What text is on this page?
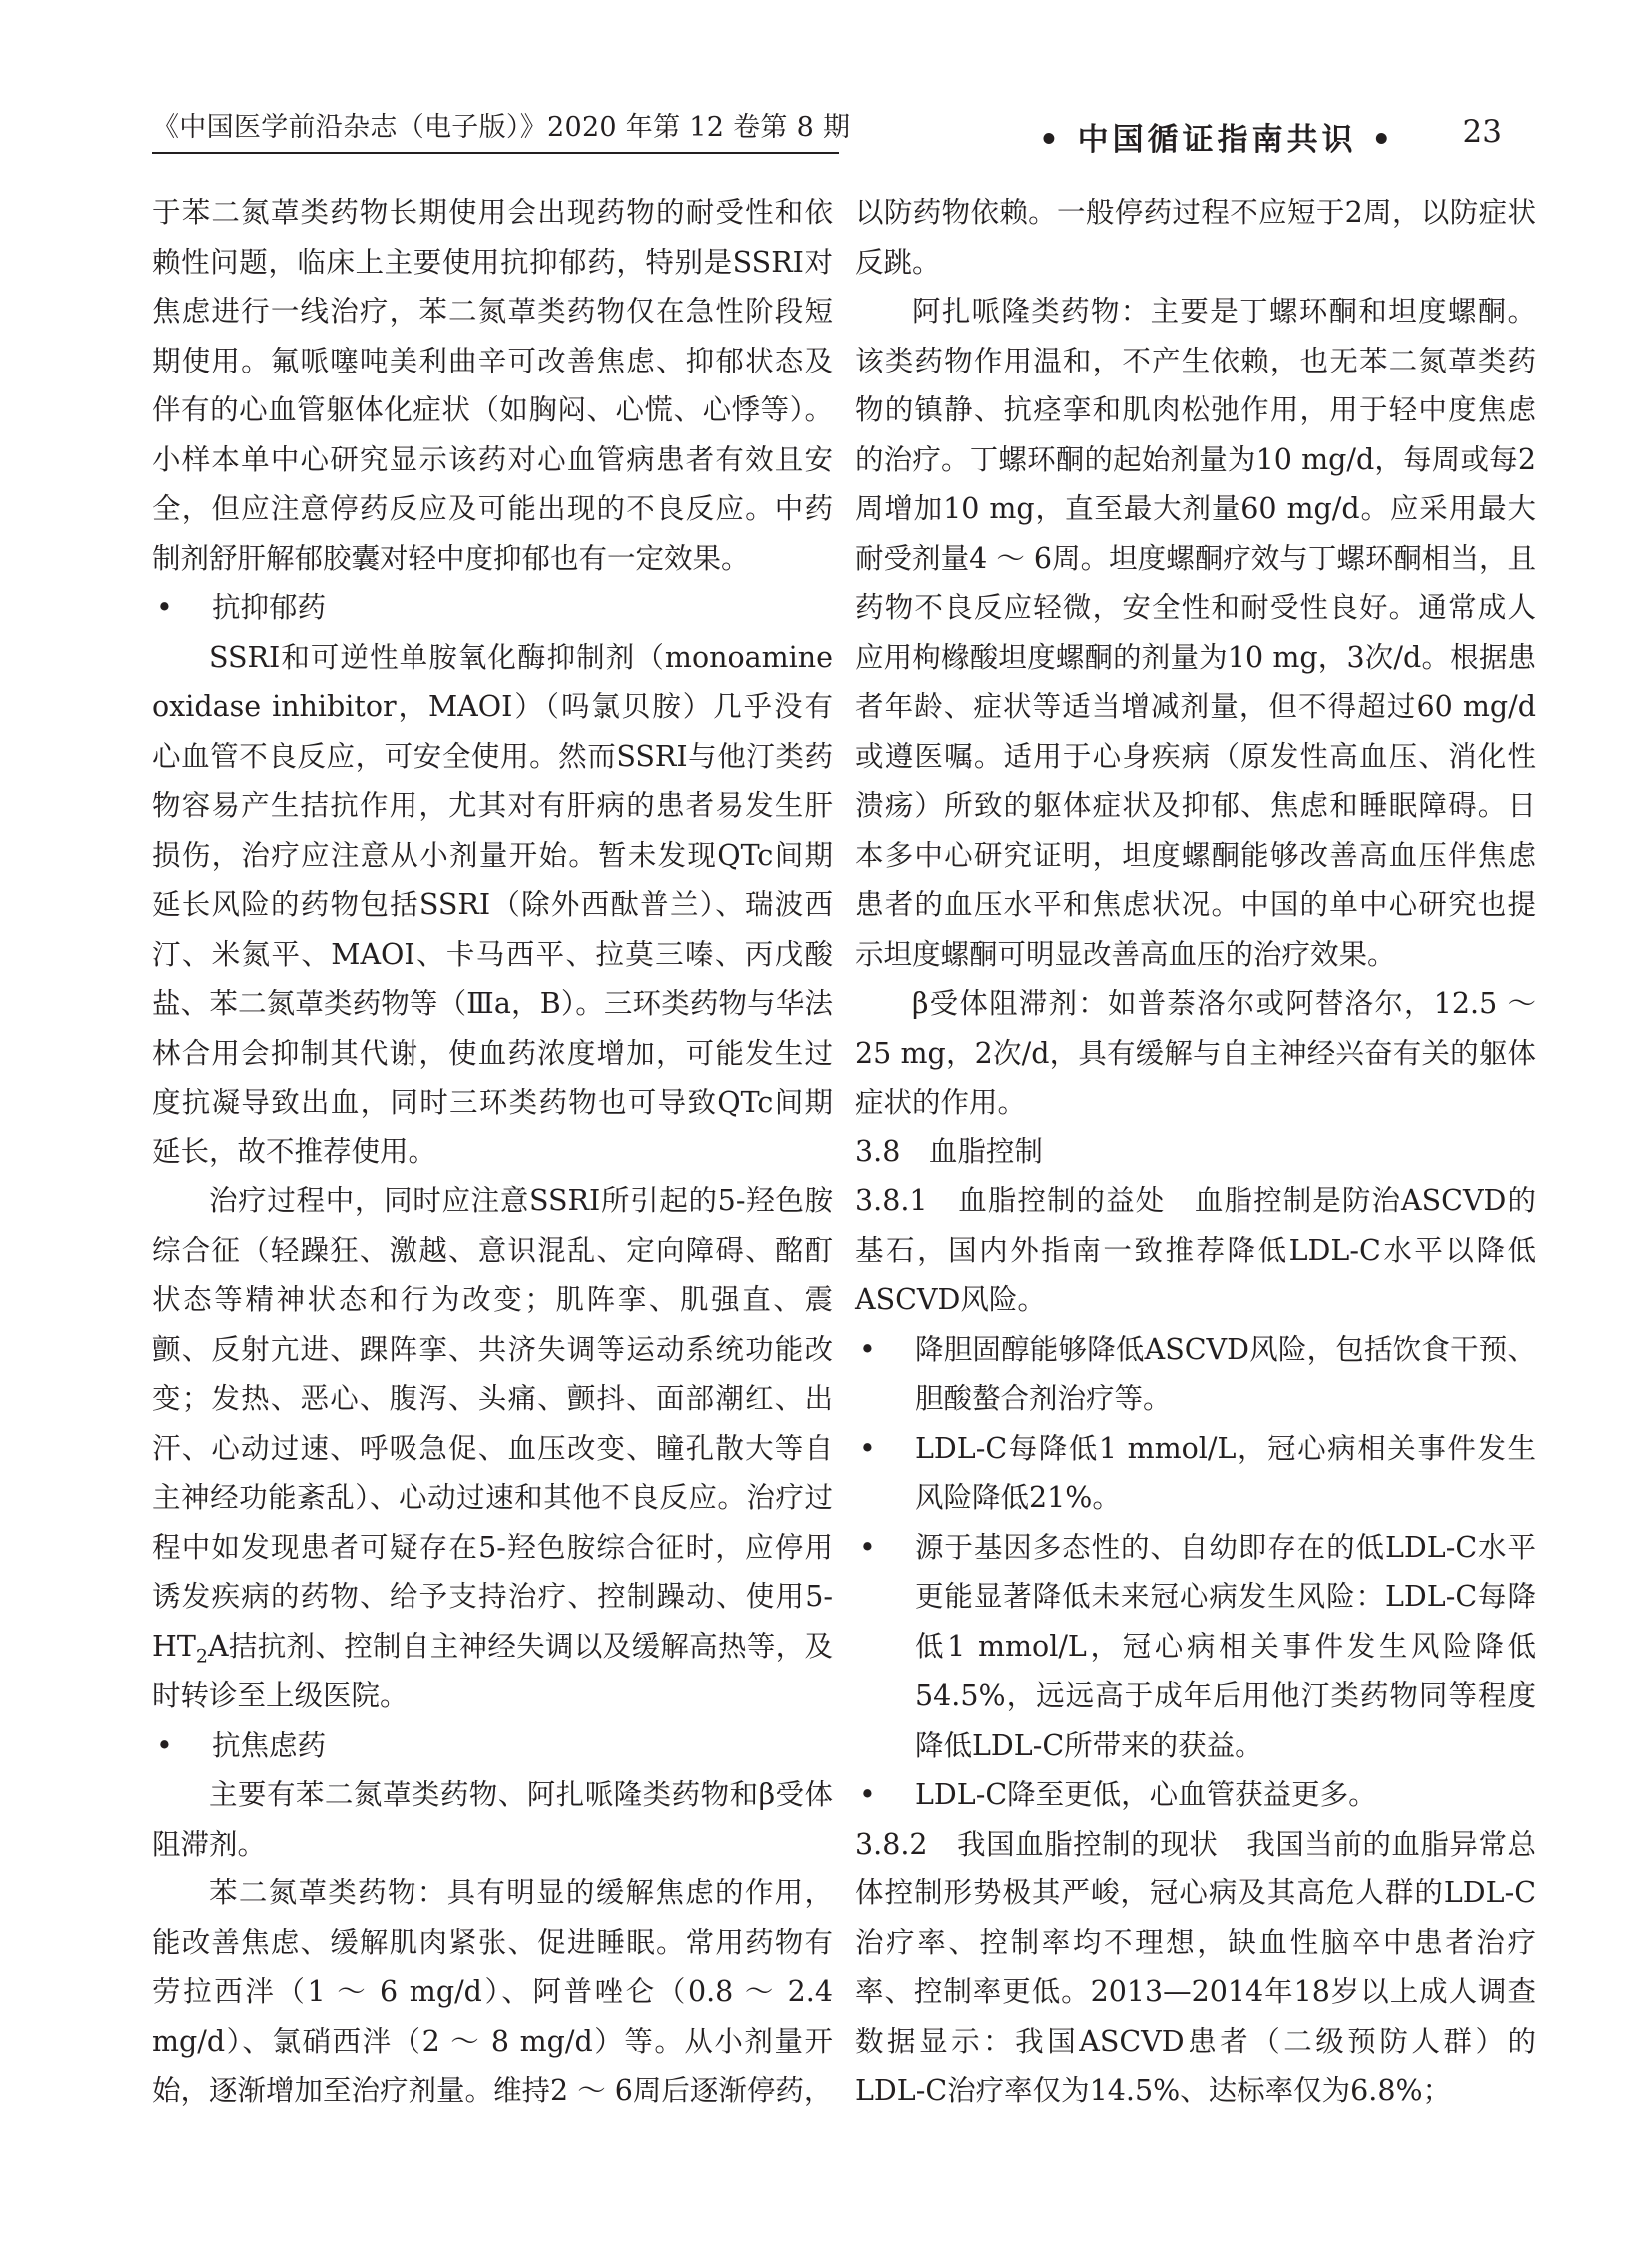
《中国医学前沿杂志（电子版）》2020 年第 12 卷第 8 期	• 中国循证指南共识 • 23

于苯二氮䓬类药物长期使用会出现药物的耐受性和依赖性问题，临床上主要使用抗抑郁药，特别是SSRI对焦虑进行一线治疗，苯二氮䓬类药物仅在急性阶段短期使用。氟哌噻吨美利曲辛可改善焦虑、抑郁状态及伴有的心血管躯体化症状（如胸闷、心慌、心悸等）。小样本单中心研究显示该药对心血管病患者有效且安全，但应注意停药反应及可能出现的不良反应。中药制剂舒肝解郁胶囊对轻中度抑郁也有一定效果。

• 抗抑郁药

SSRI和可逆性单胺氧化酶抑制剂（monoamine oxidase inhibitor，MAOI）（吗氯贝胺）几乎没有心血管不良反应，可安全使用。然而SSRI与他汀类药物容易产生拮抗作用，尤其对有肝病的患者易发生肝损伤，治疗应注意从小剂量开始。暂未发现QTc间期延长风险的药物包括SSRI（除外西酞普兰）、瑞波西汀、米氮平、MAOI、卡马西平、拉莫三嗪、丙戊酸盐、苯二氮䓬类药物等（Ⅲa，B）。三环类药物与华法林合用会抑制其代谢，使血药浓度增加，可能发生过度抗凝导致出血，同时三环类药物也可导致QTc间期延长，故不推荐使用。

治疗过程中，同时应注意SSRI所引起的5-羟色胺综合征（轻躁狂、激越、意识混乱、定向障碍、酩酊状态等精神状态和行为改变；肌阵挛、肌强直、震颤、反射亢进、踝阵挛、共济失调等运动系统功能改变；发热、恶心、腹泻、头痛、颤抖、面部潮红、出汗、心动过速、呼吸急促、血压改变、瞳孔散大等自主神经功能紊乱）、心动过速和其他不良反应。治疗过程中如发现患者可疑存在5-羟色胺综合征时，应停用诱发疾病的药物、给予支持治疗、控制躁动、使用$5-HT_2A$拮抗剂、控制自主神经失调以及缓解高热等，及时转诊至上级医院。

• 抗焦虑药

主要有苯二氮䓬类药物、阿扎哌隆类药物和β受体阻滞剂。

苯二氮䓬类药物：具有明显的缓解焦虑的作用，能改善焦虑、缓解肌肉紧张、促进睡眠。常用药物有劳拉西泮（1 ～ 6 mg/d）、阿普唑仑（0.8 ～ 2.4 mg/d）、氯硝西泮（2 ～ 8 mg/d）等。从小剂量开始，逐渐增加至治疗剂量。维持2 ～ 6周后逐渐停药，

以防药物依赖。一般停药过程不应短于2周，以防症状反跳。

阿扎哌隆类药物：主要是丁螺环酮和坦度螺酮。该类药物作用温和，不产生依赖，也无苯二氮䓬类药物的镇静、抗痉挛和肌肉松弛作用，用于轻中度焦虑的治疗。丁螺环酮的起始剂量为10 mg/d，每周或每2周增加10 mg，直至最大剂量60 mg/d。应采用最大耐受剂量4 ～ 6周。坦度螺酮疗效与丁螺环酮相当，且药物不良反应轻微，安全性和耐受性良好。通常成人应用枸橼酸坦度螺酮的剂量为10 mg，3次/d。根据患者年龄、症状等适当增减剂量，但不得超过60 mg/d或遵医嘱。适用于心身疾病（原发性高血压、消化性溃疡）所致的躯体症状及抑郁、焦虑和睡眠障碍。日本多中心研究证明，坦度螺酮能够改善高血压伴焦虑患者的血压水平和焦虑状况。中国的单中心研究也提示坦度螺酮可明显改善高血压的治疗效果。

β受体阻滞剂：如普萘洛尔或阿替洛尔，12.5 ～ 25 mg，2次/d，具有缓解与自主神经兴奋有关的躯体症状的作用。

3.8　血脂控制

3.8.1　血脂控制的益处　 血脂控制是防治ASCVD的基石，国内外指南一致推荐降低LDL-C水平以降低ASCVD风险。

• 降胆固醇能够降低ASCVD风险，包括饮食干预、胆酸螯合剂治疗等。

• LDL-C每降低1 mmol/L，冠心病相关事件发生风险降低21%。

• 源于基因多态性的、自幼即存在的低LDL-C水平更能显著降低未来冠心病发生风险：LDL-C每降低1 mmol/L，冠心病相关事件发生风险降低54.5%，远远高于成年后用他汀类药物同等程度降低LDL-C所带来的获益。

• LDL-C降至更低，心血管获益更多。

3.8.2　我国血脂控制的现状　 我国当前的血脂异常总体控制形势极其严峻，冠心病及其高危人群的LDL-C治疗率、控制率均不理想，缺血性脑卒中患者治疗率、控制率更低。2013—2014年18岁以上成人调查数据显示：我国ASCVD患者（二级预防人群）的LDL-C治疗率仅为14.5%、达标率仅为6.8%；
